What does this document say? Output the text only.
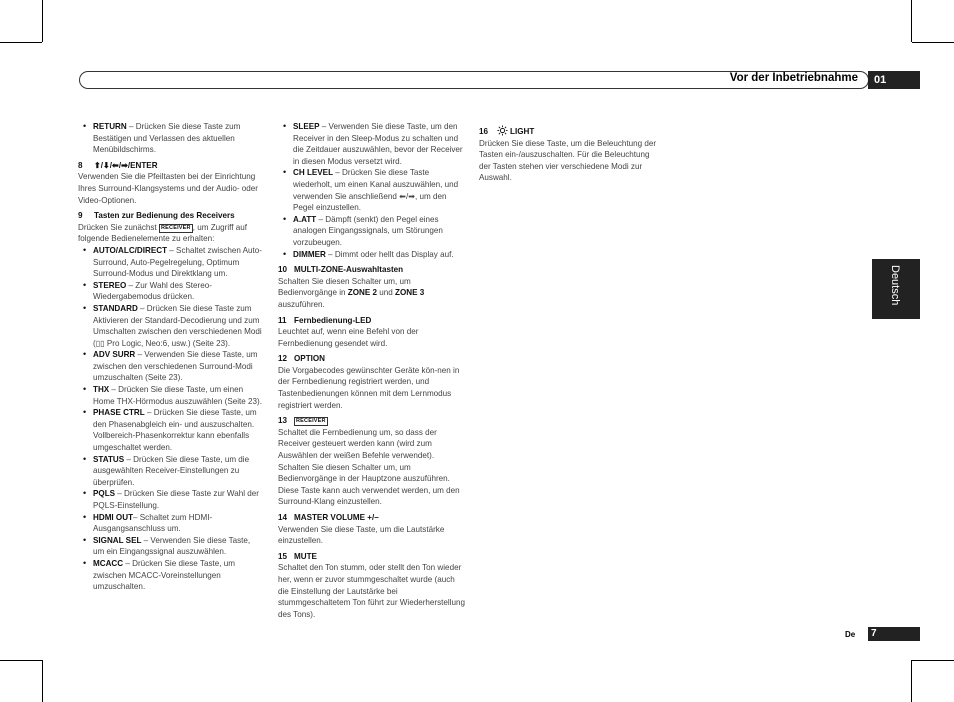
Vor der Inbetriebnahme	01
Deutsch
• RETURN – Drücken Sie diese Taste zum Bestätigen und Verlassen des aktuellen Menübildschirms.

8 ⬆/⬇/⬅/➡/ENTER

Verwenden Sie die Pfeiltasten bei der Einrichtung Ihres Surround-Klangsystems und der Audio- oder Video-Optionen.

9 Tasten zur Bedienung des Receivers

Drücken Sie zunächst RECEIVER , um Zugriff auf folgende Bedienelemente zu erhalten:

• AUTO/ALC/DIRECT – Schaltet zwischen Auto-Surround, Auto-Pegelregelung, Optimum Surround-Modus und Direktklang um.
• STEREO – Zur Wahl des Stereo-Wiedergabemodus drücken.
• STANDARD – Drücken Sie diese Taste zum Aktivieren der Standard-Decodierung und zum Umschalten zwischen den verschiedenen Modi (▯▯ Pro Logic, Neo:6, usw.) (Seite 23).
• ADV SURR – Verwenden Sie diese Taste, um zwischen den verschiedenen Surround-Modi umzuschalten (Seite 23).
• THX – Drücken Sie diese Taste, um einen Home THX-Hörmodus auszuwählen (Seite 23).
• PHASE CTRL – Drücken Sie diese Taste, um den Phasenabgleich ein- und auszuschalten. Vollbereich-Phasenkorrektur kann ebenfalls umgeschaltet werden.
• STATUS – Drücken Sie diese Taste, um die ausgewählten Receiver-Einstellungen zu überprüfen.
• PQLS – Drücken Sie diese Taste zur Wahl der PQLS-Einstellung.
• HDMI OUT– Schaltet zum HDMI-Ausgangsanschluss um.
• SIGNAL SEL – Verwenden Sie diese Taste, um ein Eingangssignal auszuwählen.
• MCACC – Drücken Sie diese Taste, um zwischen MCACC-Voreinstellungen umzuschalten.
• SLEEP – Verwenden Sie diese Taste, um den Receiver in den Sleep-Modus zu schalten und die Zeitdauer auszuwählen, bevor der Receiver in diesen Modus versetzt wird.
• CH LEVEL – Drücken Sie diese Taste wiederholt, um einen Kanal auszuwählen, und verwenden Sie anschließend ⬅/➡, um den Pegel einzustellen.
• A.ATT – Dämpft (senkt) den Pegel eines analogen Eingangssignals, um Störungen vorzubeugen.
• DIMMER – Dimmt oder hellt das Display auf.

10 MULTI-ZONE-Auswahltasten

Schalten Sie diesen Schalter um, um Bedienvorgänge in ZONE 2 und ZONE 3 auszuführen.

11 Fernbedienung-LED

Leuchtet auf, wenn eine Befehl von der Fernbedienung gesendet wird.

12 OPTION

Die Vorgabecodes gewünschter Geräte kön-nen in der Fernbedienung registriert werden, und Tastenbedienungen können mit dem Lernmodus registriert werden.

13 RECEIVER

Schaltet die Fernbedienung um, so dass der Receiver gesteuert werden kann (wird zum Auswählen der weißen Befehle verwendet). Schalten Sie diesen Schalter um, um Bedienvorgänge in der Hauptzone auszuführen. Diese Taste kann auch verwendet werden, um den Surround-Klang einzustellen.

14 MASTER VOLUME +/–

Verwenden Sie diese Taste, um die Lautstärke einzustellen.

15 MUTE

Schaltet den Ton stumm, oder stellt den Ton wieder her, wenn er zuvor stummgeschaltet wurde (auch die Einstellung der Lautstärke bei stummgeschaltetem Ton führt zur Wiederherstellung des Tons).

16	LIGHT

Drücken Sie diese Taste, um die Beleuchtung der Tasten ein-/auszuschalten. Für die Beleuchtung der Tasten stehen vier verschiedene Modi zur Auswahl.

De	7
